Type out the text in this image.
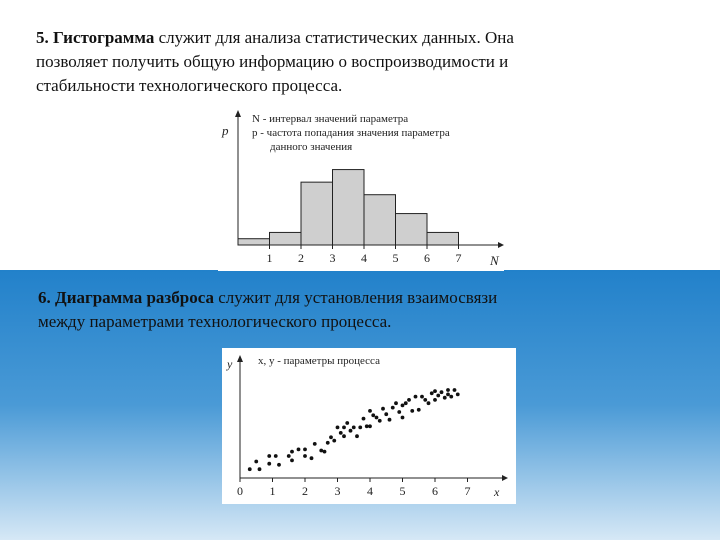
5. Гистограмма служит для анализа статистических данных. Она
позволяет получить общую информацию о воспроизводимости и
стабильности технологического процесса.
p
N
N - интервал значений параметра
p - частота попадания значения параметра
данного значения
1 2 3 4 5 6 7
6. Диаграмма разброса служит для установления взаимосвязи
между параметрами технологического процесса.
y
x
x, y - параметры процесса
0 1 2 3 4 5 6 7
